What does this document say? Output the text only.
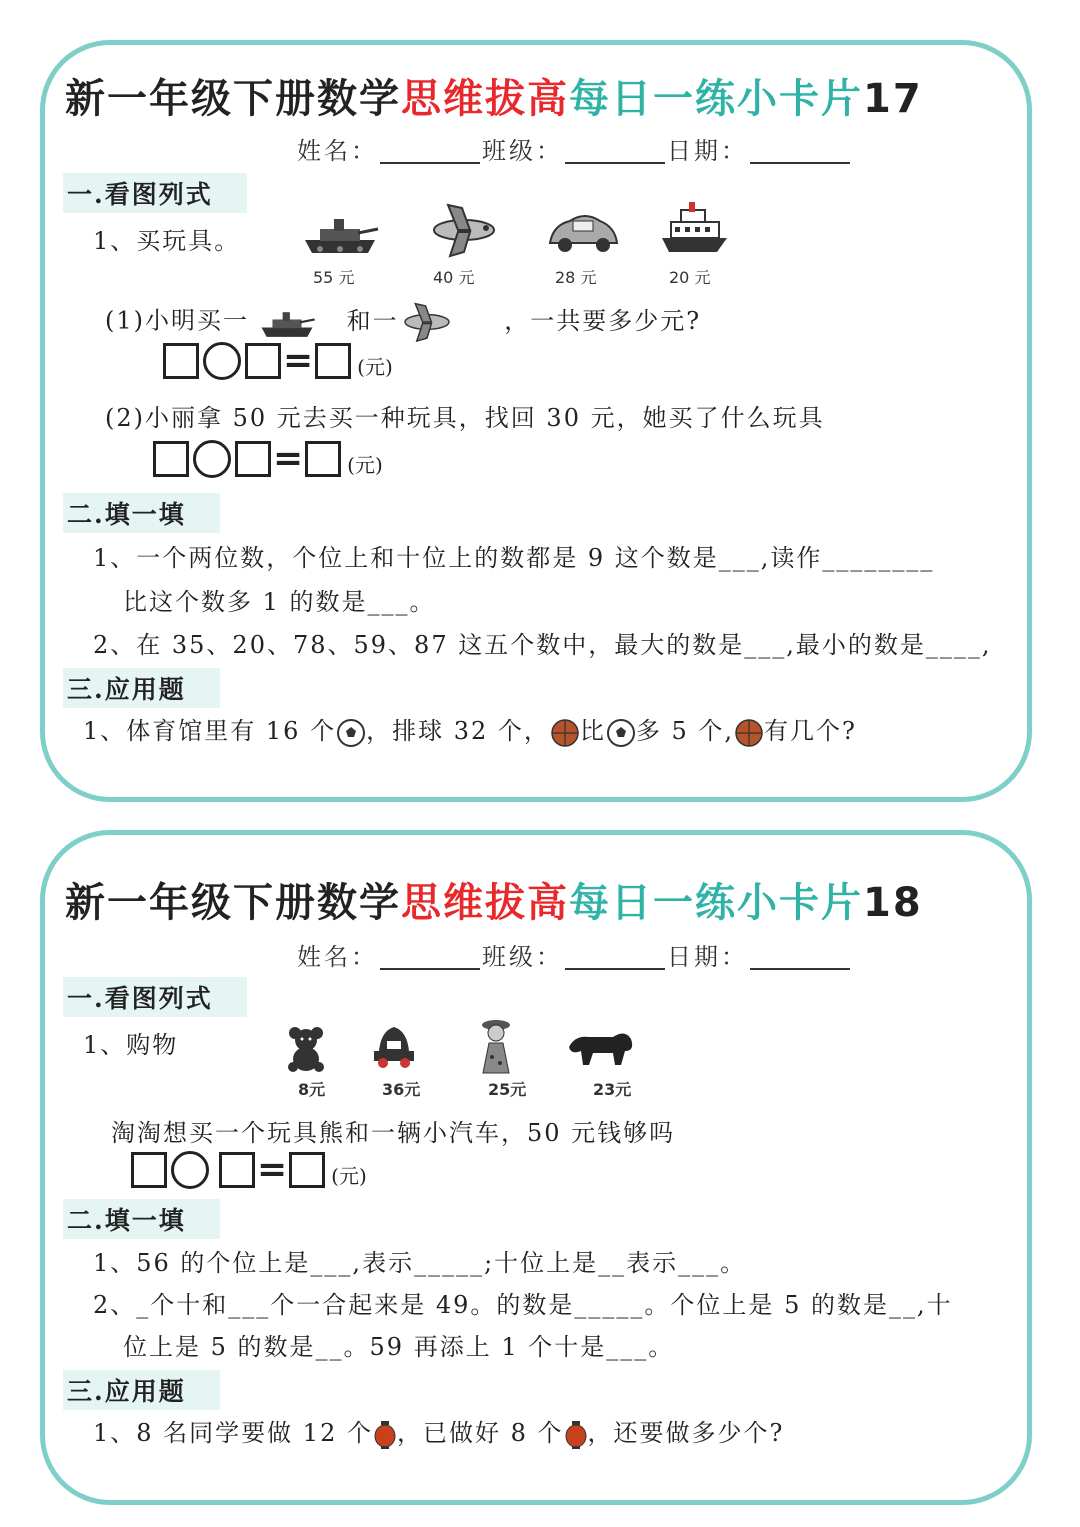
新一年级下册数学思维拔高每日一练小卡片17
姓名：	班级：	日期：
一.看图列式
1、买玩具。
55 元	40 元	28 元	20 元
(1)小明买一	和一	，一共要多少元?
= (元)
(2)小丽拿 50 元去买一种玩具，找回 30 元，她买了什么玩具
= (元)
二.填一填
1、一个两位数，个位上和十位上的数都是 9 这个数是___,读作________
比这个数多 1 的数是___。
2、在 35、20、78、59、87 这五个数中，最大的数是___,最小的数是____,
三.应用题
1、体育馆里有 16 个 ，排球 32 个， 比 多 5 个, 有几个?
新一年级下册数学思维拔高每日一练小卡片18
姓名：	班级：	日期：
一.看图列式
1、购物
8元	36元	25元	23元
淘淘想买一个玩具熊和一辆小汽车，50 元钱够吗
= (元)
二.填一填
1、56 的个位上是___,表示_____;十位上是__表示___。
2、_个十和___个一合起来是 49。的数是_____。个位上是 5 的数是__,十
位上是 5 的数是__。59 再添上 1 个十是___。
三.应用题
1、8 名同学要做 12 个 ，已做好 8 个 ，还要做多少个?
